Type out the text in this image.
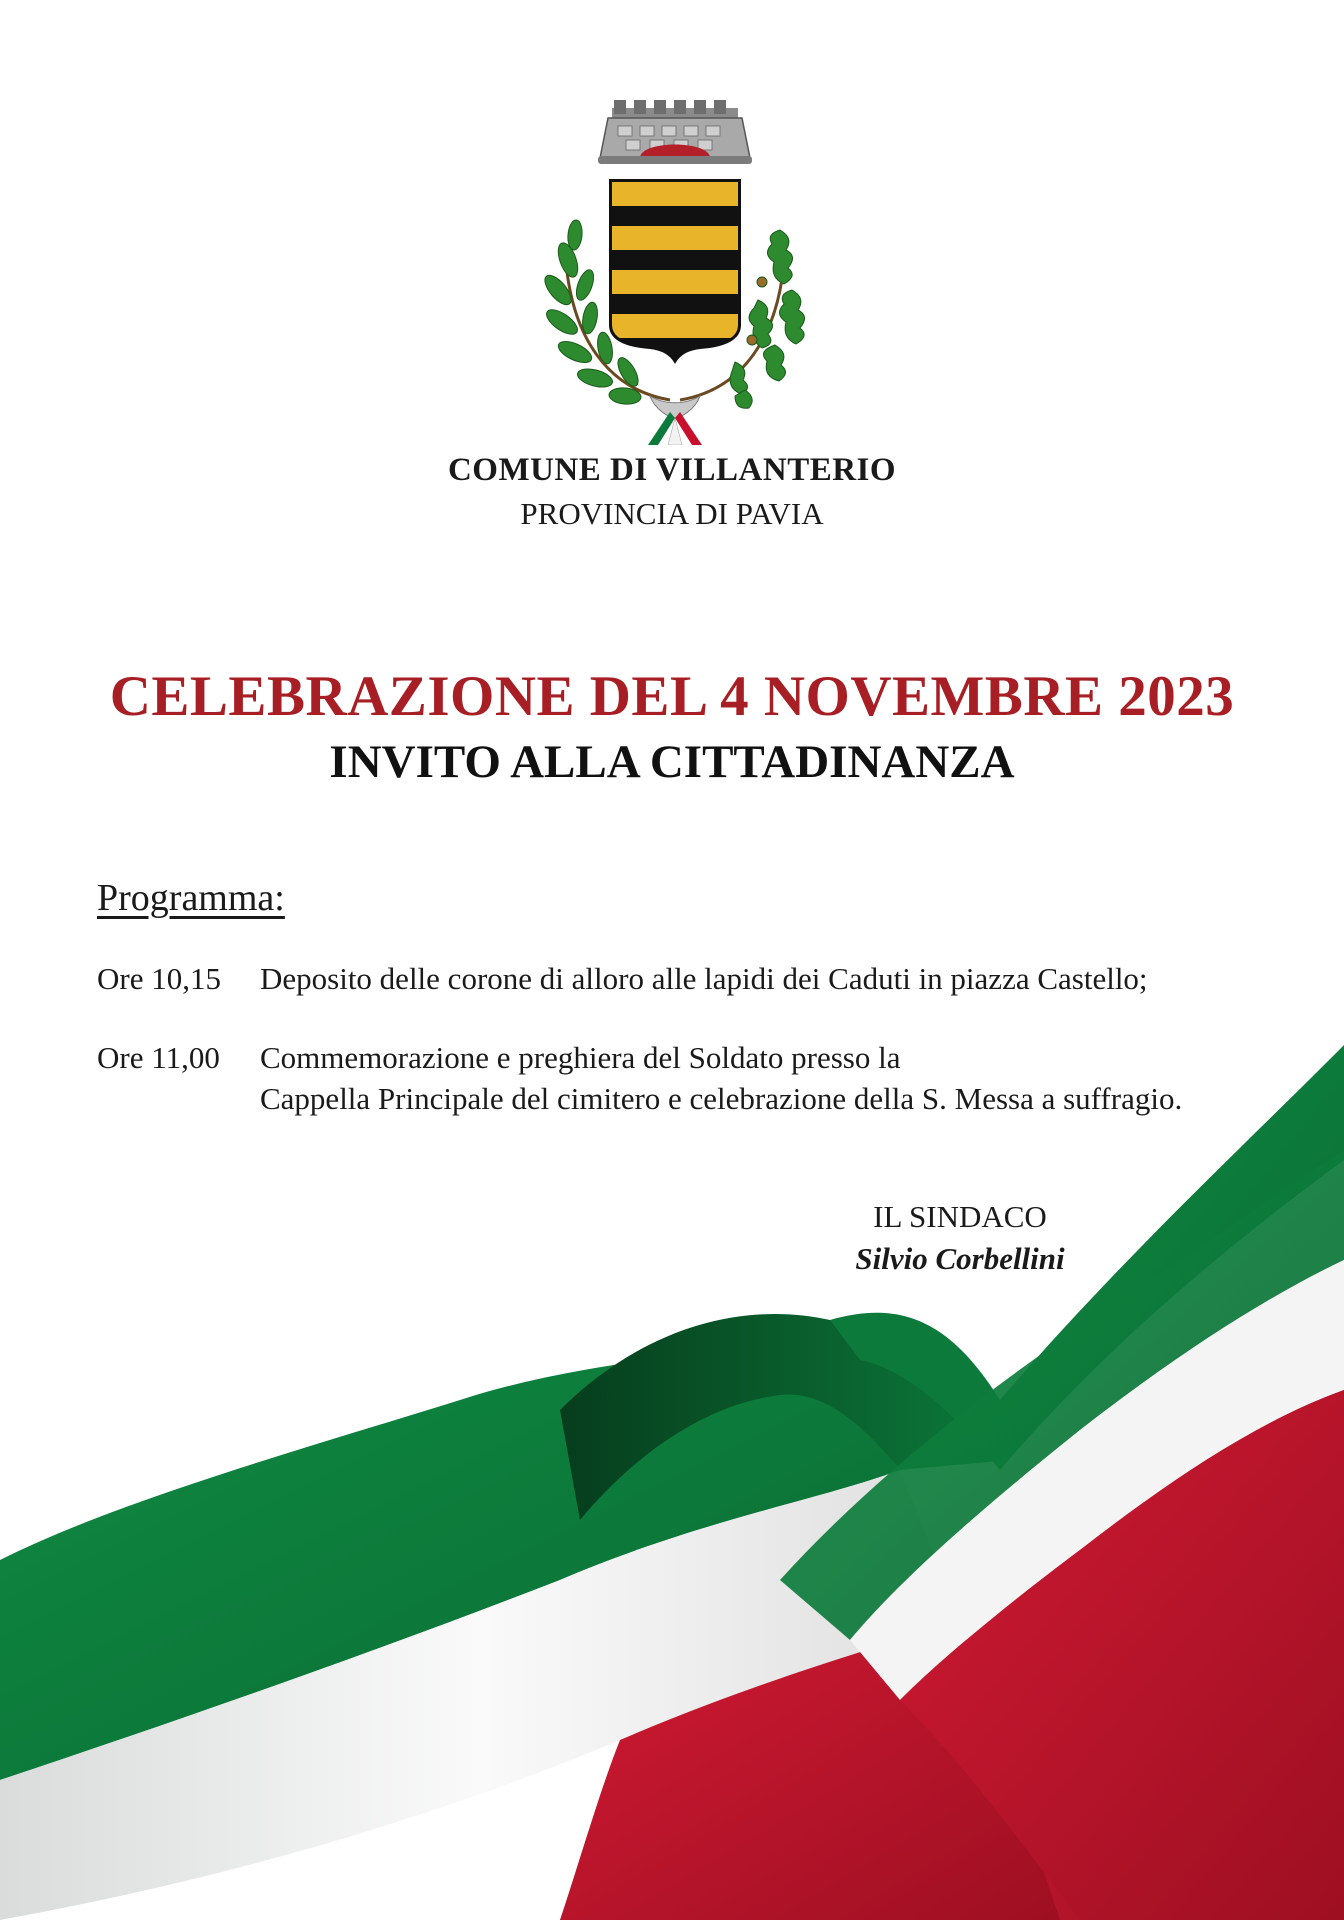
COMUNE DI VILLANTERIO
PROVINCIA DI PAVIA
CELEBRAZIONE DEL 4 NOVEMBRE 2023
INVITO ALLA CITTADINANZA
Programma:
Ore 10,15 Deposito delle corone di alloro alle lapidi dei Caduti in piazza Castello;
Ore 11,00 Commemorazione e preghiera del Soldato presso la
Cappella Principale del cimitero e celebrazione della S. Messa a suffragio.
IL SINDACO
Silvio Corbellini
